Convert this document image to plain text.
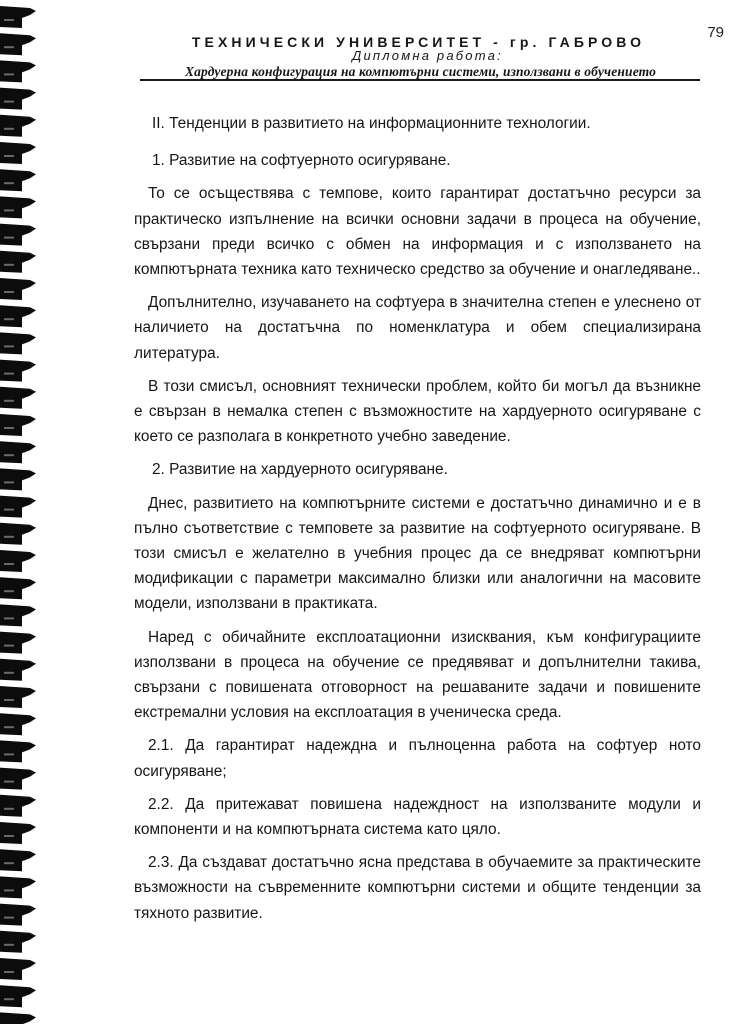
79
ТЕХНИЧЕСКИ УНИВЕРСИТЕТ - гр. ГАБРОВО
Дипломна работа:
Хардуерна конфигурация на компютърни системи, използвани в обучението

II. Тенденции в развитието на информационните технологии.

1. Развитие на софтуерното осигуряване.

То се осъществява с темпове, които гарантират достатъчно ресурси за практическо изпълнение на всички основни задачи в процеса на обучение, свързани преди всичко с обмен на информация и с използването на компютърната техника като техническо средство за обучение и онагледяване..

Допълнително, изучаването на софтуера в значителна степен е улеснено от наличието на достатъчна по номенклатура и обем специализирана литература.

В този смисъл, основният технически проблем, който би могъл да възникне е свързан в немалка степен с възможностите на хардуерното осигуряване с което се разполага в конкретното учебно заведение.

2. Развитие на хардуерното осигуряване.

Днес, развитието на компютърните системи е достатъчно динамично и е в пълно съответствие с темповете за развитие на софтуерното осигуряване. В този смисъл е желателно в учебния процес да се внедряват компютърни модификации с параметри максимално близки или аналогични на масовите модели, използвани в практиката.

Наред с обичайните експлоатационни изисквания, към конфигурациите използвани в процеса на обучение се предявяват и допълнителни такива, свързани с повишената отговорност на решаваните задачи и повишените екстремални условия на експлоатация в ученическа среда.

2.1. Да гарантират надеждна и пълноценна работа на софтуер ното осигуряване;

2.2. Да притежават повишена надеждност на използваните модули и компоненти и на компютърната система като цяло.

2.3. Да създават достатъчно ясна представа в обучаемите за практическите възможности на съвременните компютърни системи и общите тенденции за тяхното развитие.
